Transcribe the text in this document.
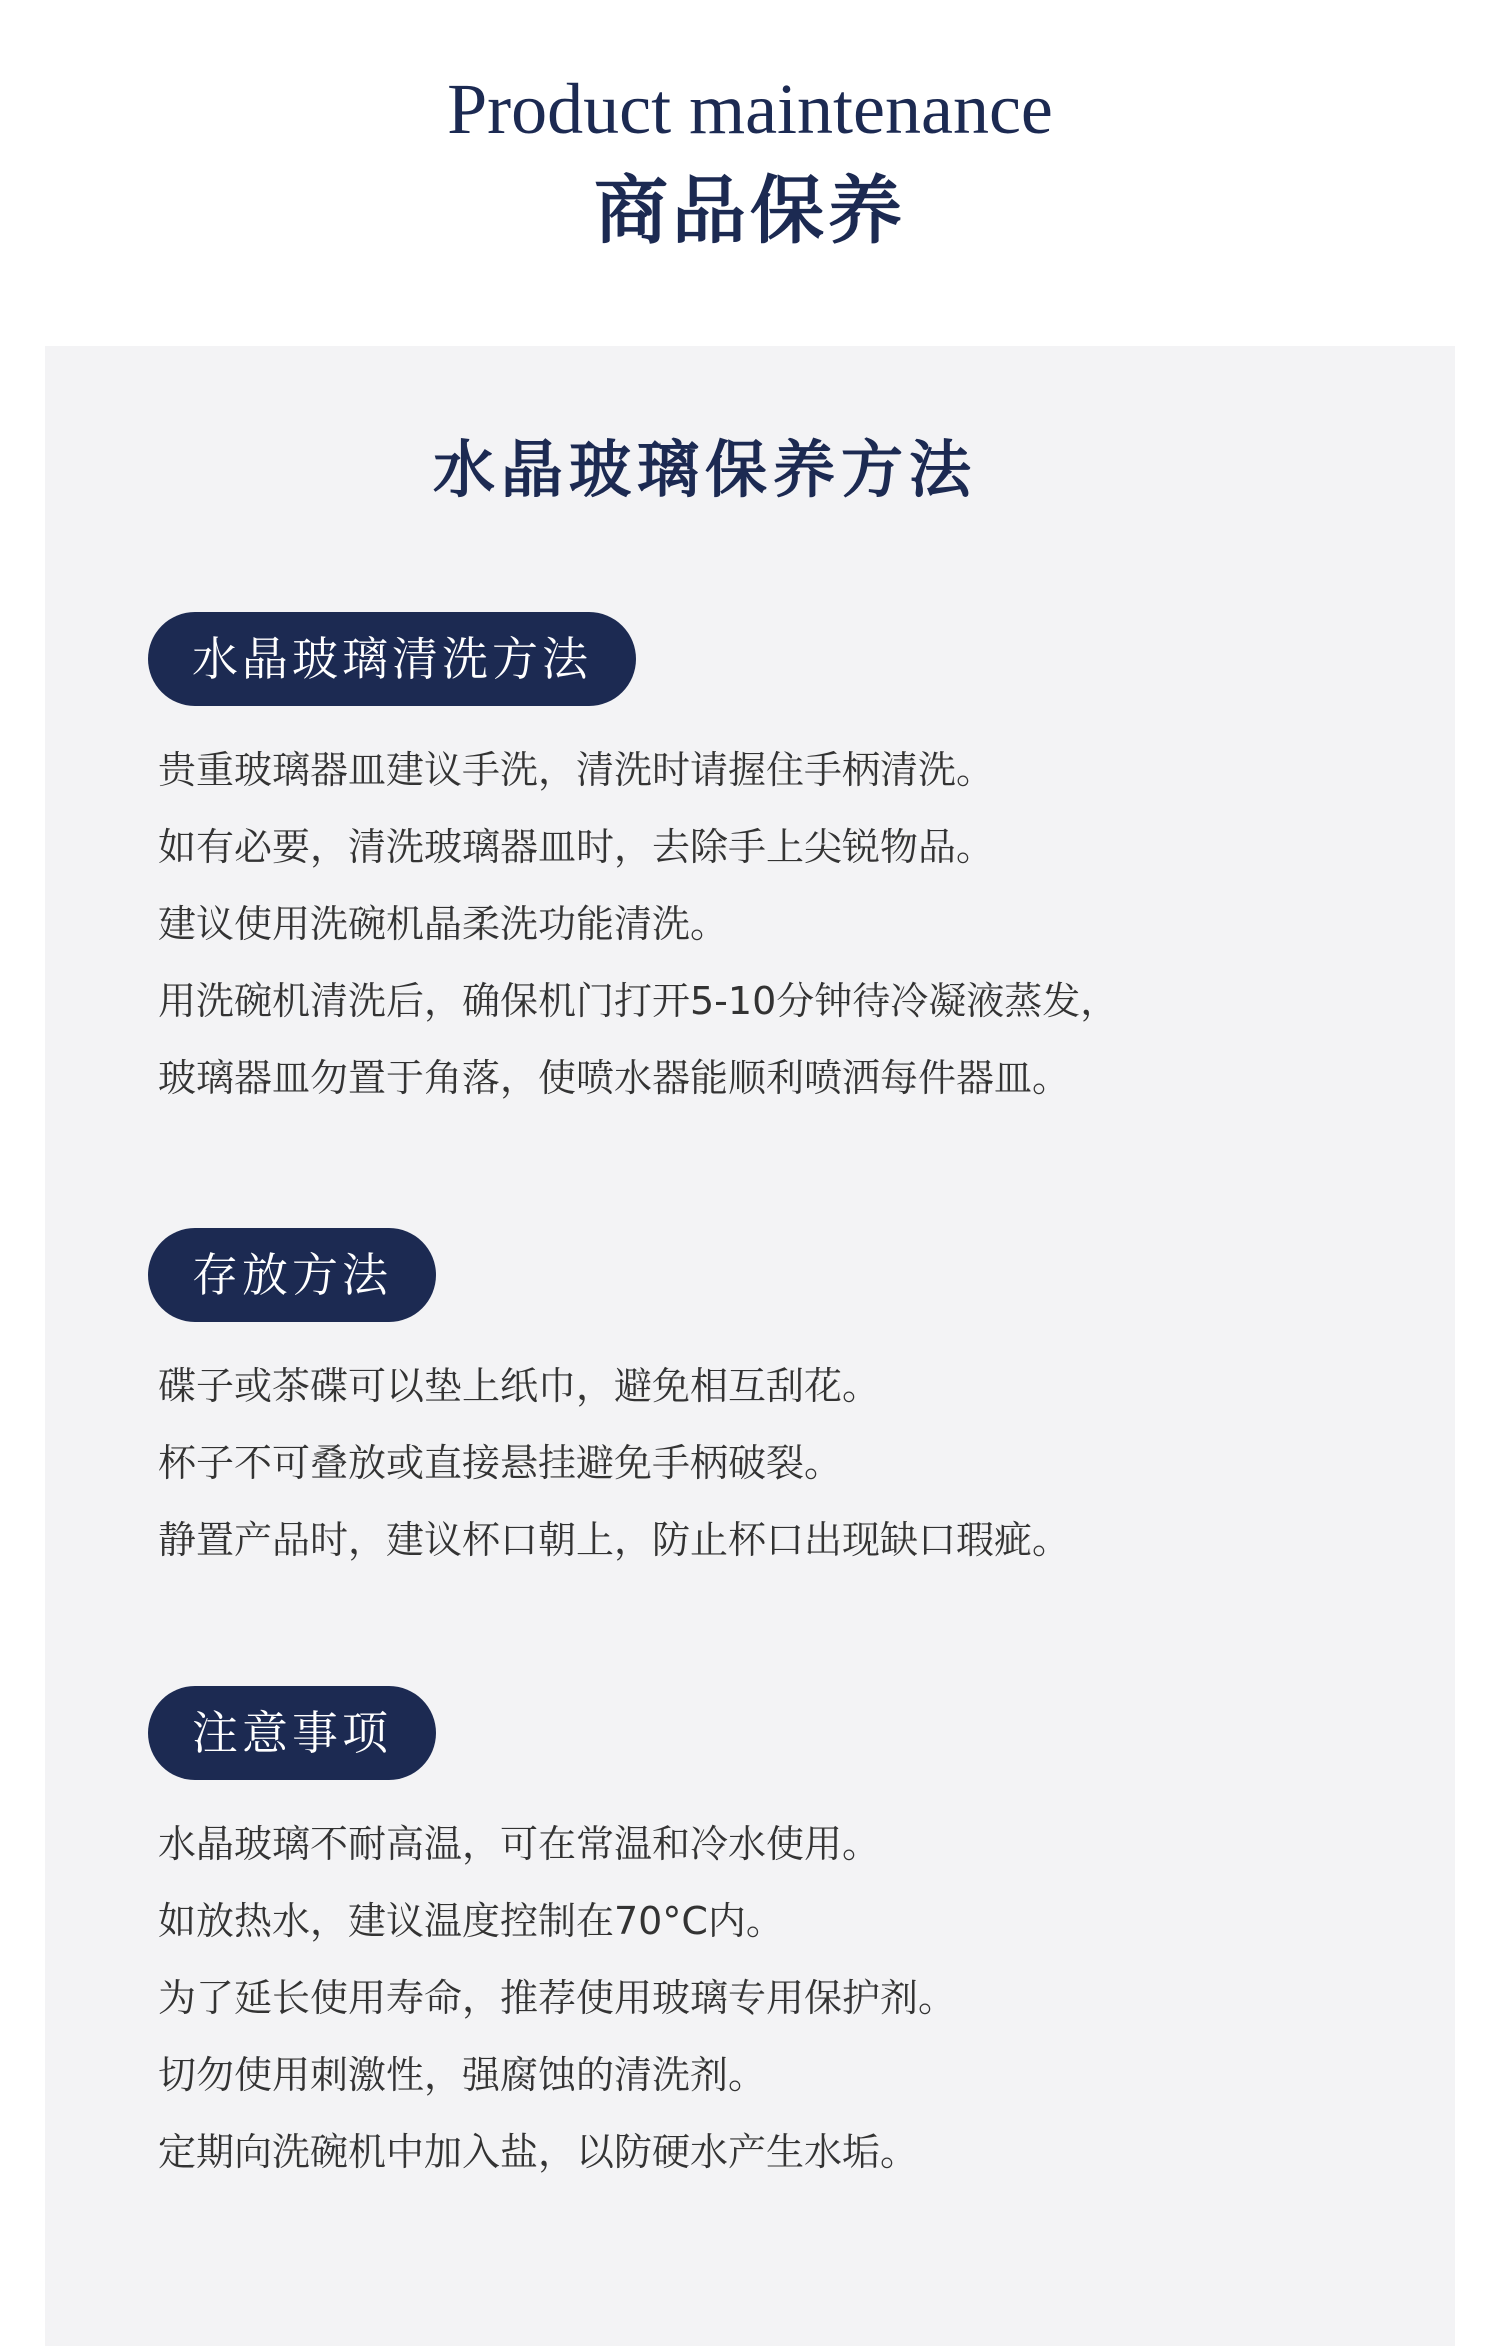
Product maintenance
商品保养
水晶玻璃保养方法
水晶玻璃清洗方法
贵重玻璃器皿建议手洗，清洗时请握住手柄清洗。
如有必要，清洗玻璃器皿时，去除手上尖锐物品。
建议使用洗碗机晶柔洗功能清洗。
用洗碗机清洗后，确保机门打开5-10分钟待冷凝液蒸发，
玻璃器皿勿置于角落，使喷水器能顺利喷洒每件器皿。
存放方法
碟子或茶碟可以垫上纸巾，避免相互刮花。
杯子不可叠放或直接悬挂避免手柄破裂。
静置产品时，建议杯口朝上，防止杯口出现缺口瑕疵。
注意事项
水晶玻璃不耐高温，可在常温和冷水使用。
如放热水，建议温度控制在70°C内。
为了延长使用寿命，推荐使用玻璃专用保护剂。
切勿使用刺激性，强腐蚀的清洗剂。
定期向洗碗机中加入盐，以防硬水产生水垢。
